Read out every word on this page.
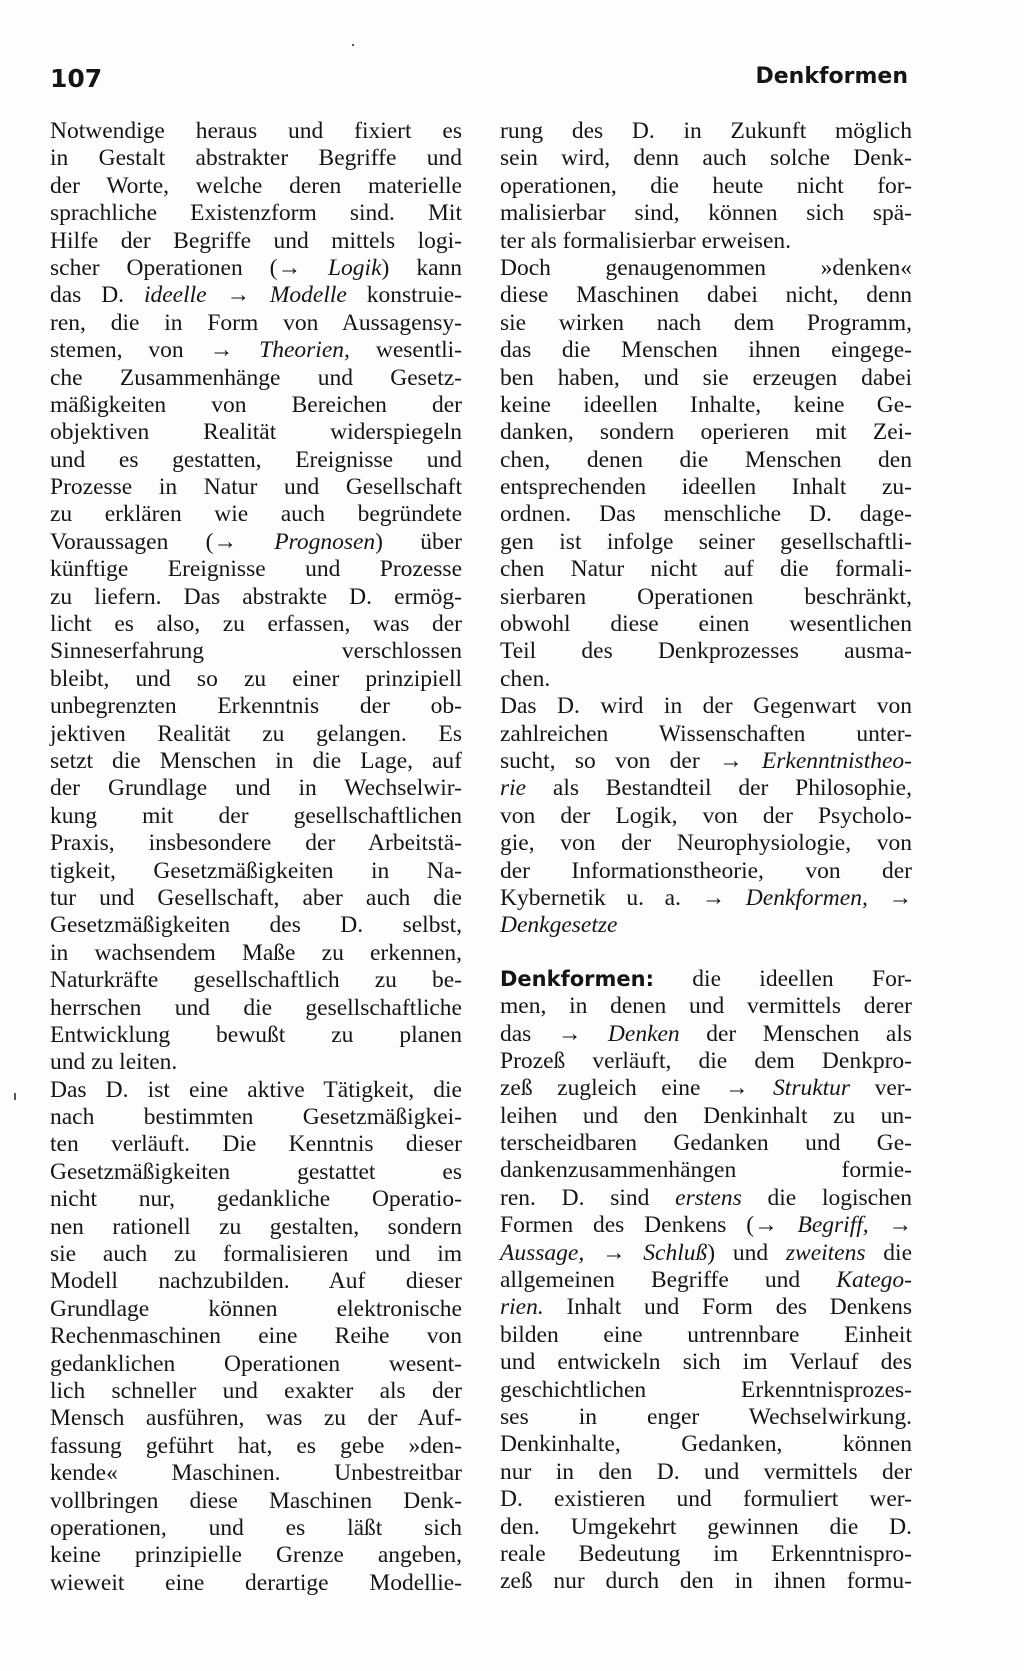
107	Denkformen
Notwendige heraus und fixiert es
in Gestalt abstrakter Begriffe und
der Worte, welche deren materielle
sprachliche Existenzform sind. Mit
Hilfe der Begriffe und mittels logi-
scher Operationen (→ Logik) kann
das D. ideelle → Modelle konstruie-
ren, die in Form von Aussagensy-
stemen, von → Theorien, wesentli-
che Zusammenhänge und Gesetz-
mäßigkeiten von Bereichen der
objektiven Realität widerspiegeln
und es gestatten, Ereignisse und
Prozesse in Natur und Gesellschaft
zu erklären wie auch begründete
Voraussagen (→ Prognosen) über
künftige Ereignisse und Prozesse
zu liefern. Das abstrakte D. ermög-
licht es also, zu erfassen, was der
Sinneserfahrung verschlossen
bleibt, und so zu einer prinzipiell
unbegrenzten Erkenntnis der ob-
jektiven Realität zu gelangen. Es
setzt die Menschen in die Lage, auf
der Grundlage und in Wechselwir-
kung mit der gesellschaftlichen
Praxis, insbesondere der Arbeitstä-
tigkeit, Gesetzmäßigkeiten in Na-
tur und Gesellschaft, aber auch die
Gesetzmäßigkeiten des D. selbst,
in wachsendem Maße zu erkennen,
Naturkräfte gesellschaftlich zu be-
herrschen und die gesellschaftliche
Entwicklung bewußt zu planen
und zu leiten.
Das D. ist eine aktive Tätigkeit, die
nach bestimmten Gesetzmäßigkei-
ten verläuft. Die Kenntnis dieser
Gesetzmäßigkeiten gestattet es
nicht nur, gedankliche Operatio-
nen rationell zu gestalten, sondern
sie auch zu formalisieren und im
Modell nachzubilden. Auf dieser
Grundlage können elektronische
Rechenmaschinen eine Reihe von
gedanklichen Operationen wesent-
lich schneller und exakter als der
Mensch ausführen, was zu der Auf-
fassung geführt hat, es gebe »den-
kende« Maschinen. Unbestreitbar
vollbringen diese Maschinen Denk-
operationen, und es läßt sich
keine prinzipielle Grenze angeben,
wieweit eine derartige Modellie-
rung des D. in Zukunft möglich
sein wird, denn auch solche Denk-
operationen, die heute nicht for-
malisierbar sind, können sich spä-
ter als formalisierbar erweisen.
Doch genaugenommen »denken«
diese Maschinen dabei nicht, denn
sie wirken nach dem Programm,
das die Menschen ihnen eingege-
ben haben, und sie erzeugen dabei
keine ideellen Inhalte, keine Ge-
danken, sondern operieren mit Zei-
chen, denen die Menschen den
entsprechenden ideellen Inhalt zu-
ordnen. Das menschliche D. dage-
gen ist infolge seiner gesellschaftli-
chen Natur nicht auf die formali-
sierbaren Operationen beschränkt,
obwohl diese einen wesentlichen
Teil des Denkprozesses ausma-
chen.
Das D. wird in der Gegenwart von
zahlreichen Wissenschaften unter-
sucht, so von der → Erkenntnistheo-
rie als Bestandteil der Philosophie,
von der Logik, von der Psycholo-
gie, von der Neurophysiologie, von
der Informationstheorie, von der
Kybernetik u. a. → Denkformen, →
Denkgesetze
Denkformen: die ideellen For-
men, in denen und vermittels derer
das → Denken der Menschen als
Prozeß verläuft, die dem Denkpro-
zeß zugleich eine → Struktur ver-
leihen und den Denkinhalt zu un-
terscheidbaren Gedanken und Ge-
dankenzusammenhängen formie-
ren. D. sind erstens die logischen
Formen des Denkens (→ Begriff, →
Aussage, → Schluß) und zweitens die
allgemeinen Begriffe und Katego-
rien. Inhalt und Form des Denkens
bilden eine untrennbare Einheit
und entwickeln sich im Verlauf des
geschichtlichen Erkenntnisprozes-
ses in enger Wechselwirkung.
Denkinhalte, Gedanken, können
nur in den D. und vermittels der
D. existieren und formuliert wer-
den. Umgekehrt gewinnen die D.
reale Bedeutung im Erkenntnispro-
zeß nur durch den in ihnen formu-
